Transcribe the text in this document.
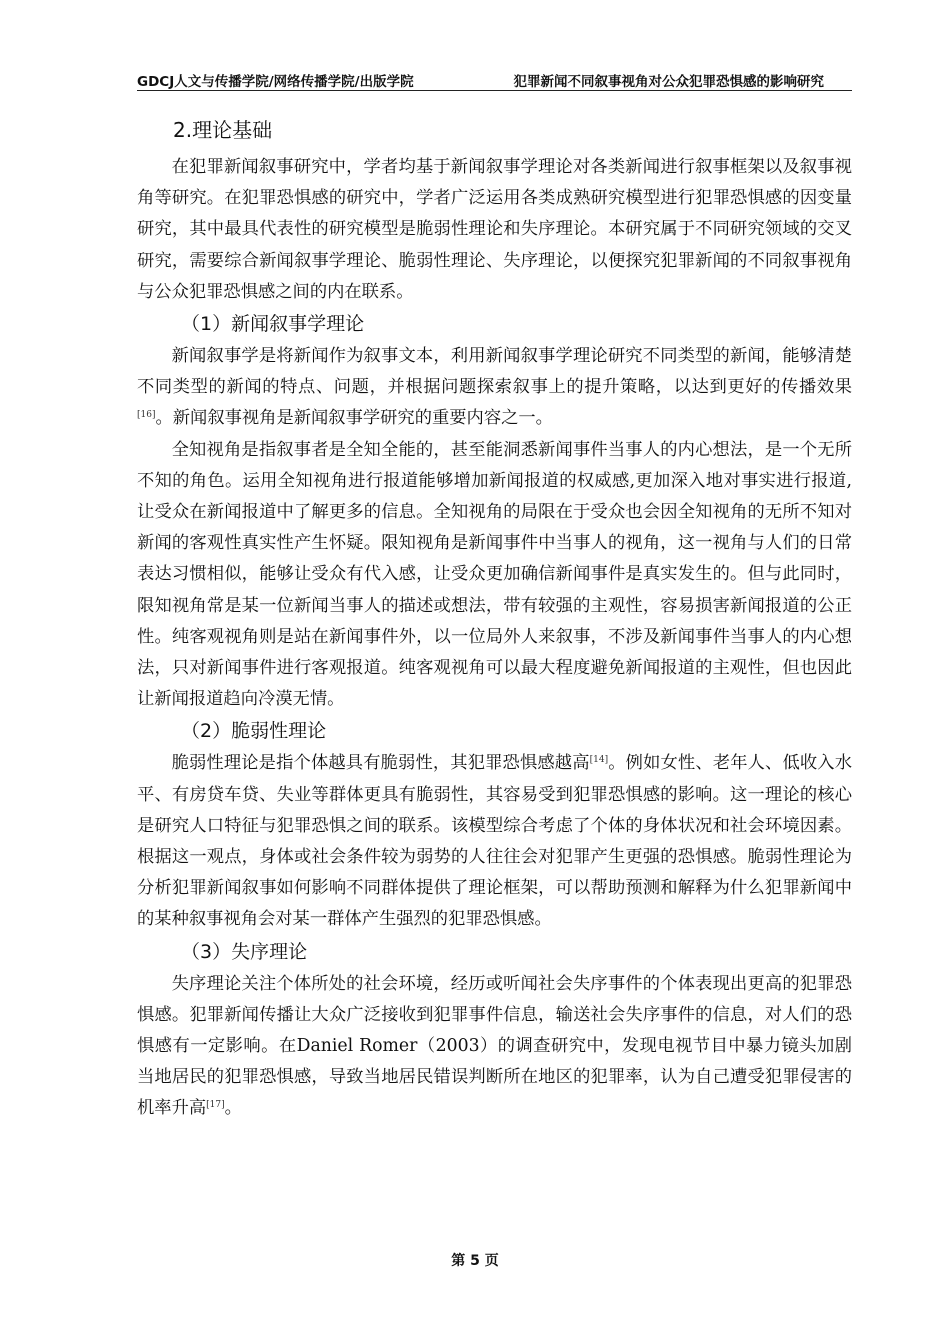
GDCJ人文与传播学院/网络传播学院/出版学院	犯罪新闻不同叙事视角对公众犯罪恐惧感的影响研究
2.理论基础

在犯罪新闻叙事研究中，学者均基于新闻叙事学理论对各类新闻进行叙事框架以及叙事视角等研究。在犯罪恐惧感的研究中，学者广泛运用各类成熟研究模型进行犯罪恐惧感的因变量研究，其中最具代表性的研究模型是脆弱性理论和失序理论。本研究属于不同研究领域的交叉研究，需要综合新闻叙事学理论、脆弱性理论、失序理论，以便探究犯罪新闻的不同叙事视角与公众犯罪恐惧感之间的内在联系。

（1）新闻叙事学理论

新闻叙事学是将新闻作为叙事文本，利用新闻叙事学理论研究不同类型的新闻，能够清楚不同类型的新闻的特点、问题，并根据问题探索叙事上的提升策略，以达到更好的传播效果[16]。新闻叙事视角是新闻叙事学研究的重要内容之一。

全知视角是指叙事者是全知全能的，甚至能洞悉新闻事件当事人的内心想法，是一个无所不知的角色。运用全知视角进行报道能够增加新闻报道的权威感,更加深入地对事实进行报道,让受众在新闻报道中了解更多的信息。全知视角的局限在于受众也会因全知视角的无所不知对新闻的客观性真实性产生怀疑。限知视角是新闻事件中当事人的视角，这一视角与人们的日常表达习惯相似，能够让受众有代入感，让受众更加确信新闻事件是真实发生的。但与此同时，限知视角常是某一位新闻当事人的描述或想法，带有较强的主观性，容易损害新闻报道的公正性。纯客观视角则是站在新闻事件外，以一位局外人来叙事，不涉及新闻事件当事人的内心想法，只对新闻事件进行客观报道。纯客观视角可以最大程度避免新闻报道的主观性，但也因此让新闻报道趋向冷漠无情。

（2）脆弱性理论

脆弱性理论是指个体越具有脆弱性，其犯罪恐惧感越高[14]。例如女性、老年人、低收入水平、有房贷车贷、失业等群体更具有脆弱性，其容易受到犯罪恐惧感的影响。这一理论的核心是研究人口特征与犯罪恐惧之间的联系。该模型综合考虑了个体的身体状况和社会环境因素。根据这一观点，身体或社会条件较为弱势的人往往会对犯罪产生更强的恐惧感。脆弱性理论为分析犯罪新闻叙事如何影响不同群体提供了理论框架，可以帮助预测和解释为什么犯罪新闻中的某种叙事视角会对某一群体产生强烈的犯罪恐惧感。

（3）失序理论

失序理论关注个体所处的社会环境，经历或听闻社会失序事件的个体表现出更高的犯罪恐惧感。犯罪新闻传播让大众广泛接收到犯罪事件信息，输送社会失序事件的信息，对人们的恐惧感有一定影响。在Daniel Romer（2003）的调查研究中，发现电视节目中暴力镜头加剧当地居民的犯罪恐惧感，导致当地居民错误判断所在地区的犯罪率，认为自己遭受犯罪侵害的机率升高[17]。

第 5 页
